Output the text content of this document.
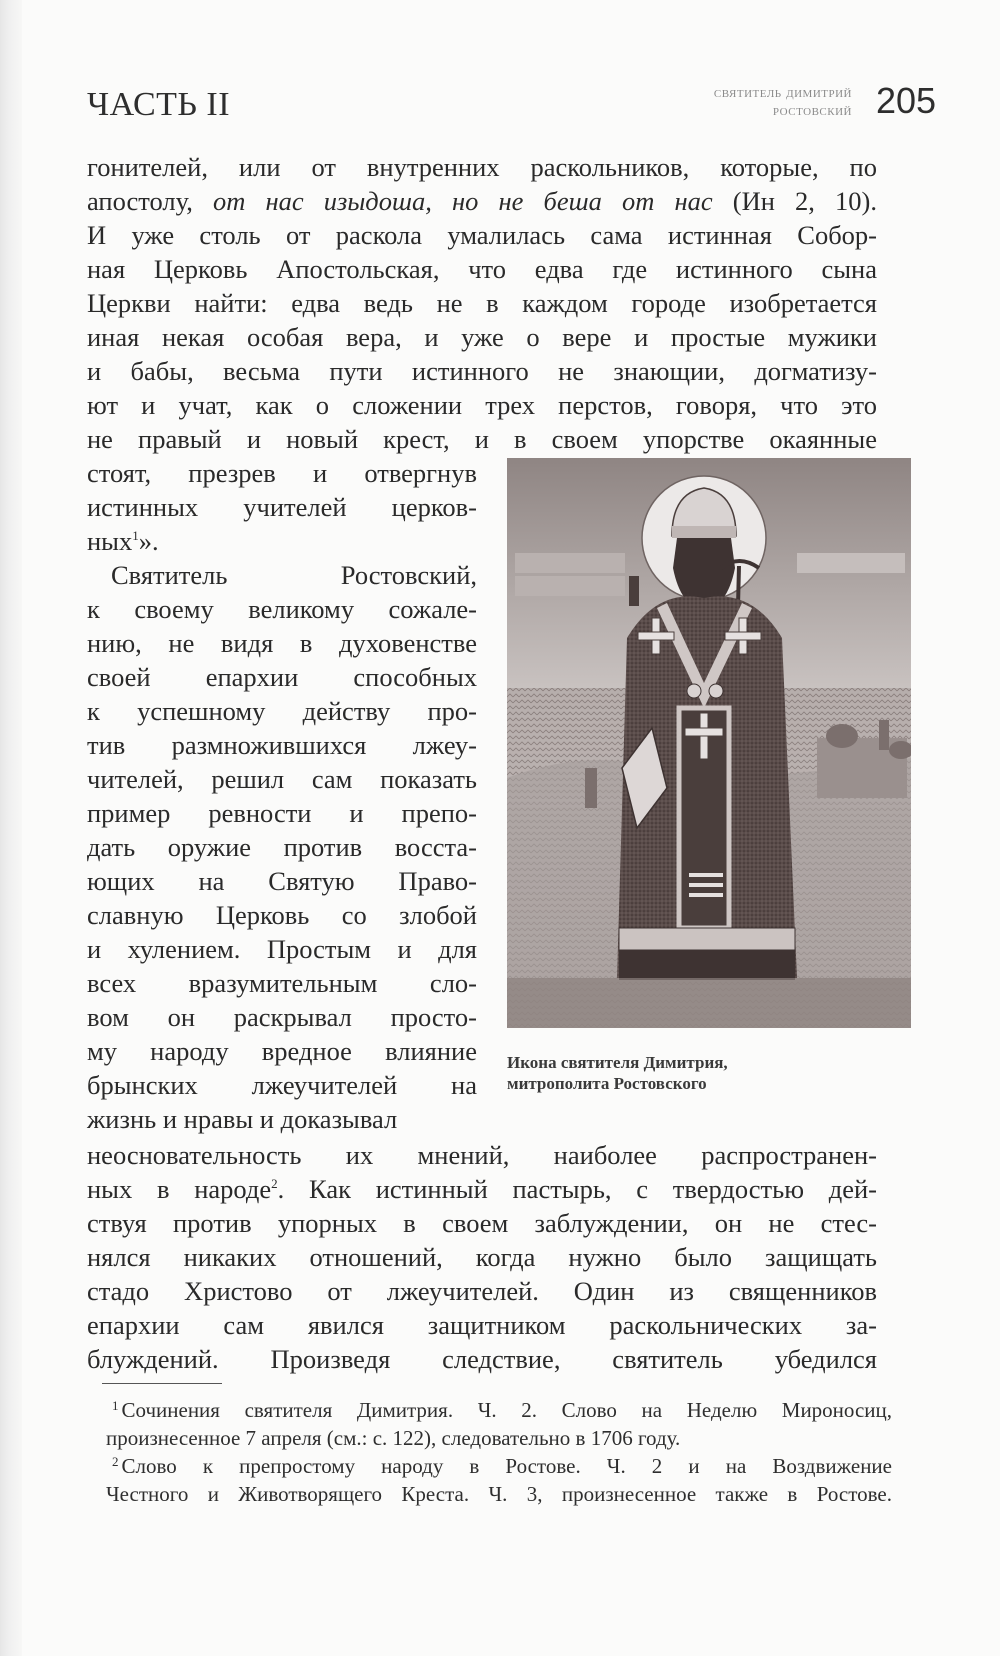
ЧАСТЬ II	святитель димитрий
ростовский 205
гонителей, или от внутренних раскольников, которые, по
апостолу, от нас изыдоша, но не беша от нас (Ин 2, 10).
И уже столь от раскола умалилась сама истинная Собор-
ная Церковь Апостольская, что едва где истинного сына
Церкви найти: едва ведь не в каждом городе изобретается
иная некая особая вера, и уже о вере и простые мужики
и бабы, весьма пути истинного не знающии, догматизу-
ют и учат, как о сложении трех перстов, говоря, что это
не правый и новый крест, и в своем упорстве окаянные
стоят, презрев и отвергнув
истинных учителей церков-
ных$^1$».
Святитель Ростовский,
к своему великому сожале-
нию, не видя в духовенстве
своей епархии способных
к успешному действу про-
тив размножившихся лжеу-
чителей, решил сам показать
пример ревности и препо-
дать оружие против восста-
ющих на Святую Право-
славную Церковь со злобой
и хулением. Простым и для
всех вразумительным сло-
вом он раскрывал просто-
му народу вредное влияние
брынских лжеучителей на
жизнь и нравы и доказывал
неосновательность их мнений, наиболее распространен-
ных в народе$^2$. Как истинный пастырь, с твердостью дей-
ствуя против упорных в своем заблуждении, он не стес-
нялся никаких отношений, когда нужно было защищать
стадо Христово от лжеучителей. Один из священников
епархии сам явился защитником раскольнических за-
блуждений. Произведя следствие, святитель убедился
Икона святителя Димитрия,
митрополита Ростовского
$^1$ Сочинения святителя Димитрия. Ч. 2. Слово на Неделю Мироносиц,
произнесенное 7 апреля (см.: с. 122), следовательно в 1706 году.
$^2$ Слово к препростому народу в Ростове. Ч. 2 и на Воздвижение
Честного и Животворящего Креста. Ч. 3, произнесенное также в Ростове.
